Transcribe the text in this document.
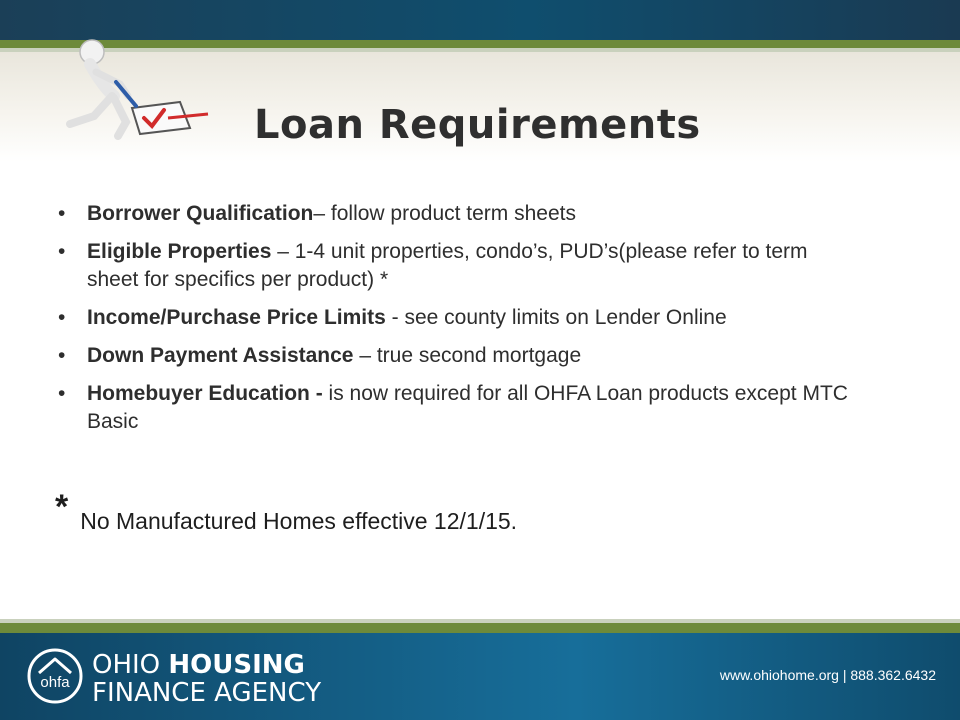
Loan Requirements
• Borrower Qualification– follow product term sheets
• Eligible Properties – 1-4 unit properties, condo’s, PUD’s(please refer to term sheet for specifics per product) *
• Income/Purchase Price Limits - see county limits on Lender Online
• Down Payment Assistance – true second mortgage
• Homebuyer Education - is now required for all OHFA Loan products except MTC Basic
* No Manufactured Homes effective 12/1/15.
ohfa
OHIO HOUSING
FINANCE AGENCY
www.ohiohome.org | 888.362.6432
